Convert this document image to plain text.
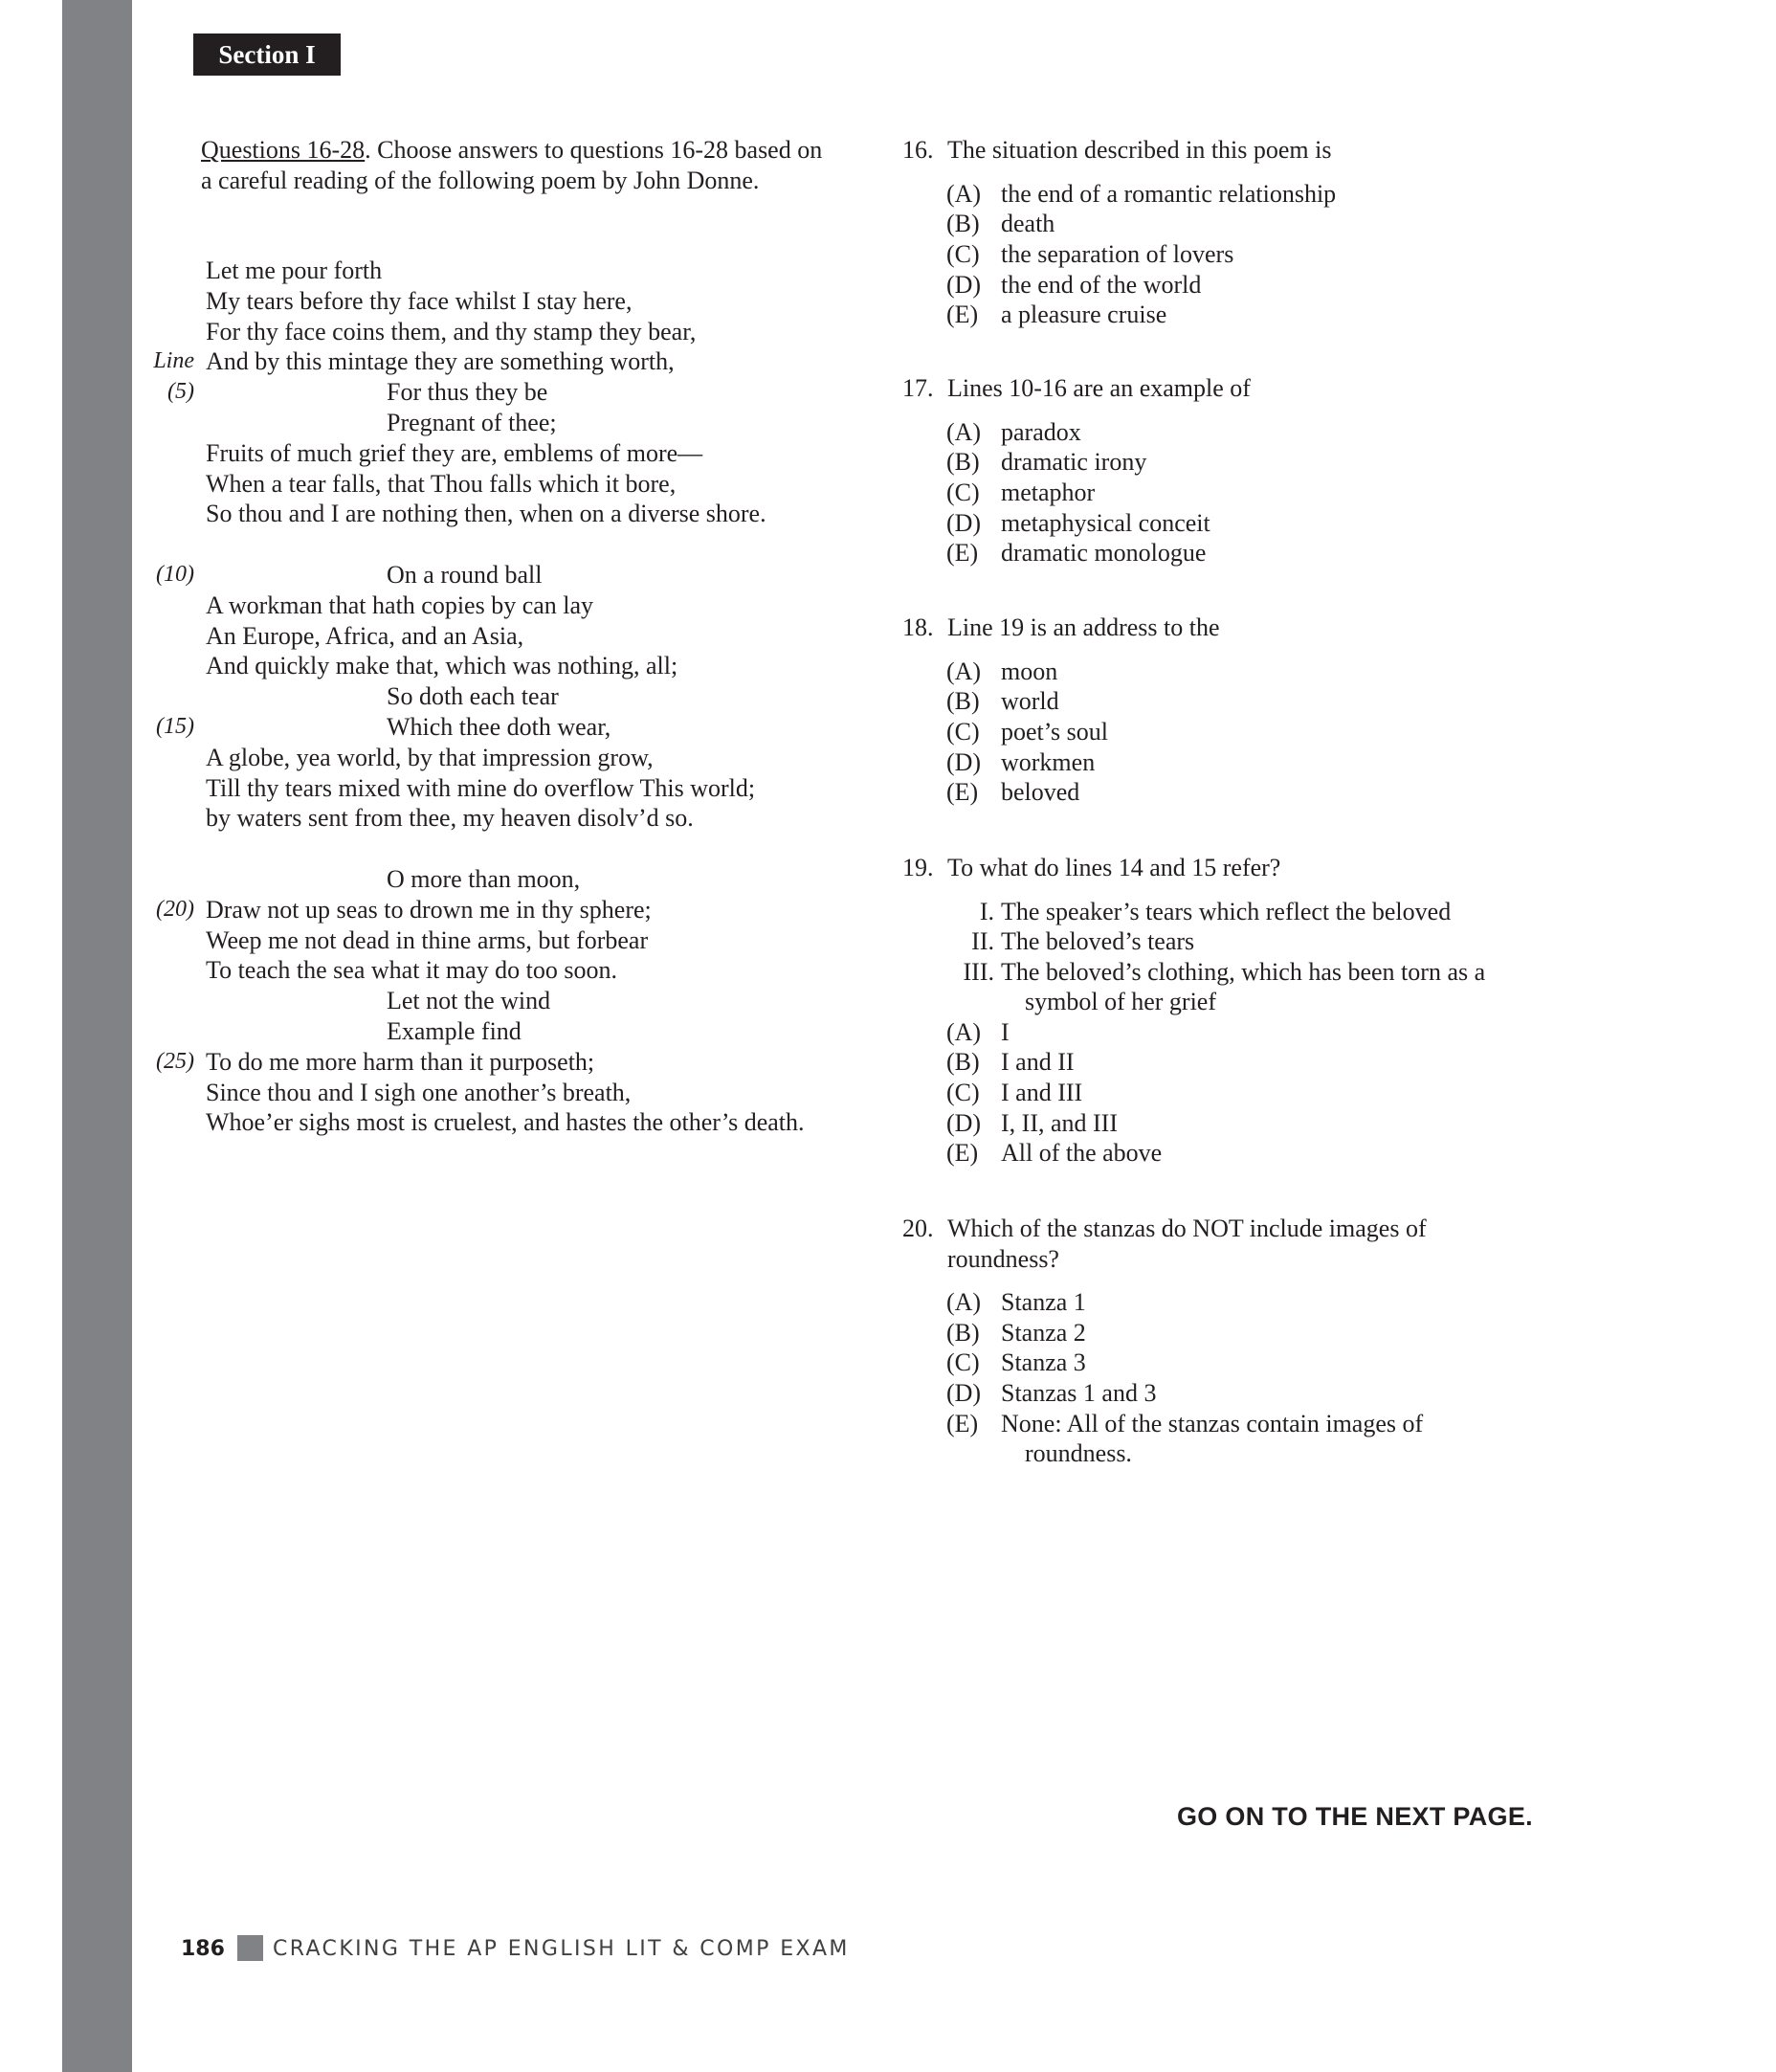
Section I
Questions 16-28. Choose answers to questions 16-28 based on a careful reading of the following poem by John Donne.
Let me pour forth
My tears before thy face whilst I stay here,
For thy face coins them, and thy stamp they bear,
And by this mintage they are something worth,
Line
For thus they be
(5)
Pregnant of thee;
Fruits of much grief they are, emblems of more—
When a tear falls, that Thou falls which it bore,
So thou and I are nothing then, when on a diverse shore.
On a round ball
(10)
A workman that hath copies by can lay
An Europe, Africa, and an Asia,
And quickly make that, which was nothing, all;
So doth each tear
Which thee doth wear,
(15)
A globe, yea world, by that impression grow,
Till thy tears mixed with mine do overflow This world;
by waters sent from thee, my heaven disolv’d so.
O more than moon,
Draw not up seas to drown me in thy sphere;
(20)
Weep me not dead in thine arms, but forbear
To teach the sea what it may do too soon.
Let not the wind
Example find
To do me more harm than it purposeth;
(25)
Since thou and I sigh one another’s breath,
Whoe’er sighs most is cruelest, and hastes the other’s death.
16. The situation described in this poem is
(A) the end of a romantic relationship
(B) death
(C) the separation of lovers
(D) the end of the world
(E) a pleasure cruise
17. Lines 10-16 are an example of
(A) paradox
(B) dramatic irony
(C) metaphor
(D) metaphysical conceit
(E) dramatic monologue
18. Line 19 is an address to the
(A) moon
(B) world
(C) poet’s soul
(D) workmen
(E) beloved
19. To what do lines 14 and 15 refer?
I. The speaker’s tears which reflect the beloved
II. The beloved’s tears
III. The beloved’s clothing, which has been torn as a symbol of her grief
(A) I
(B) I and II
(C) I and III
(D) I, II, and III
(E) All of the above
20. Which of the stanzas do NOT include images of roundness?
(A) Stanza 1
(B) Stanza 2
(C) Stanza 3
(D) Stanzas 1 and 3
(E) None: All of the stanzas contain images of roundness.
GO ON TO THE NEXT PAGE.
186 CRACKING THE AP ENGLISH LIT & COMP EXAM
